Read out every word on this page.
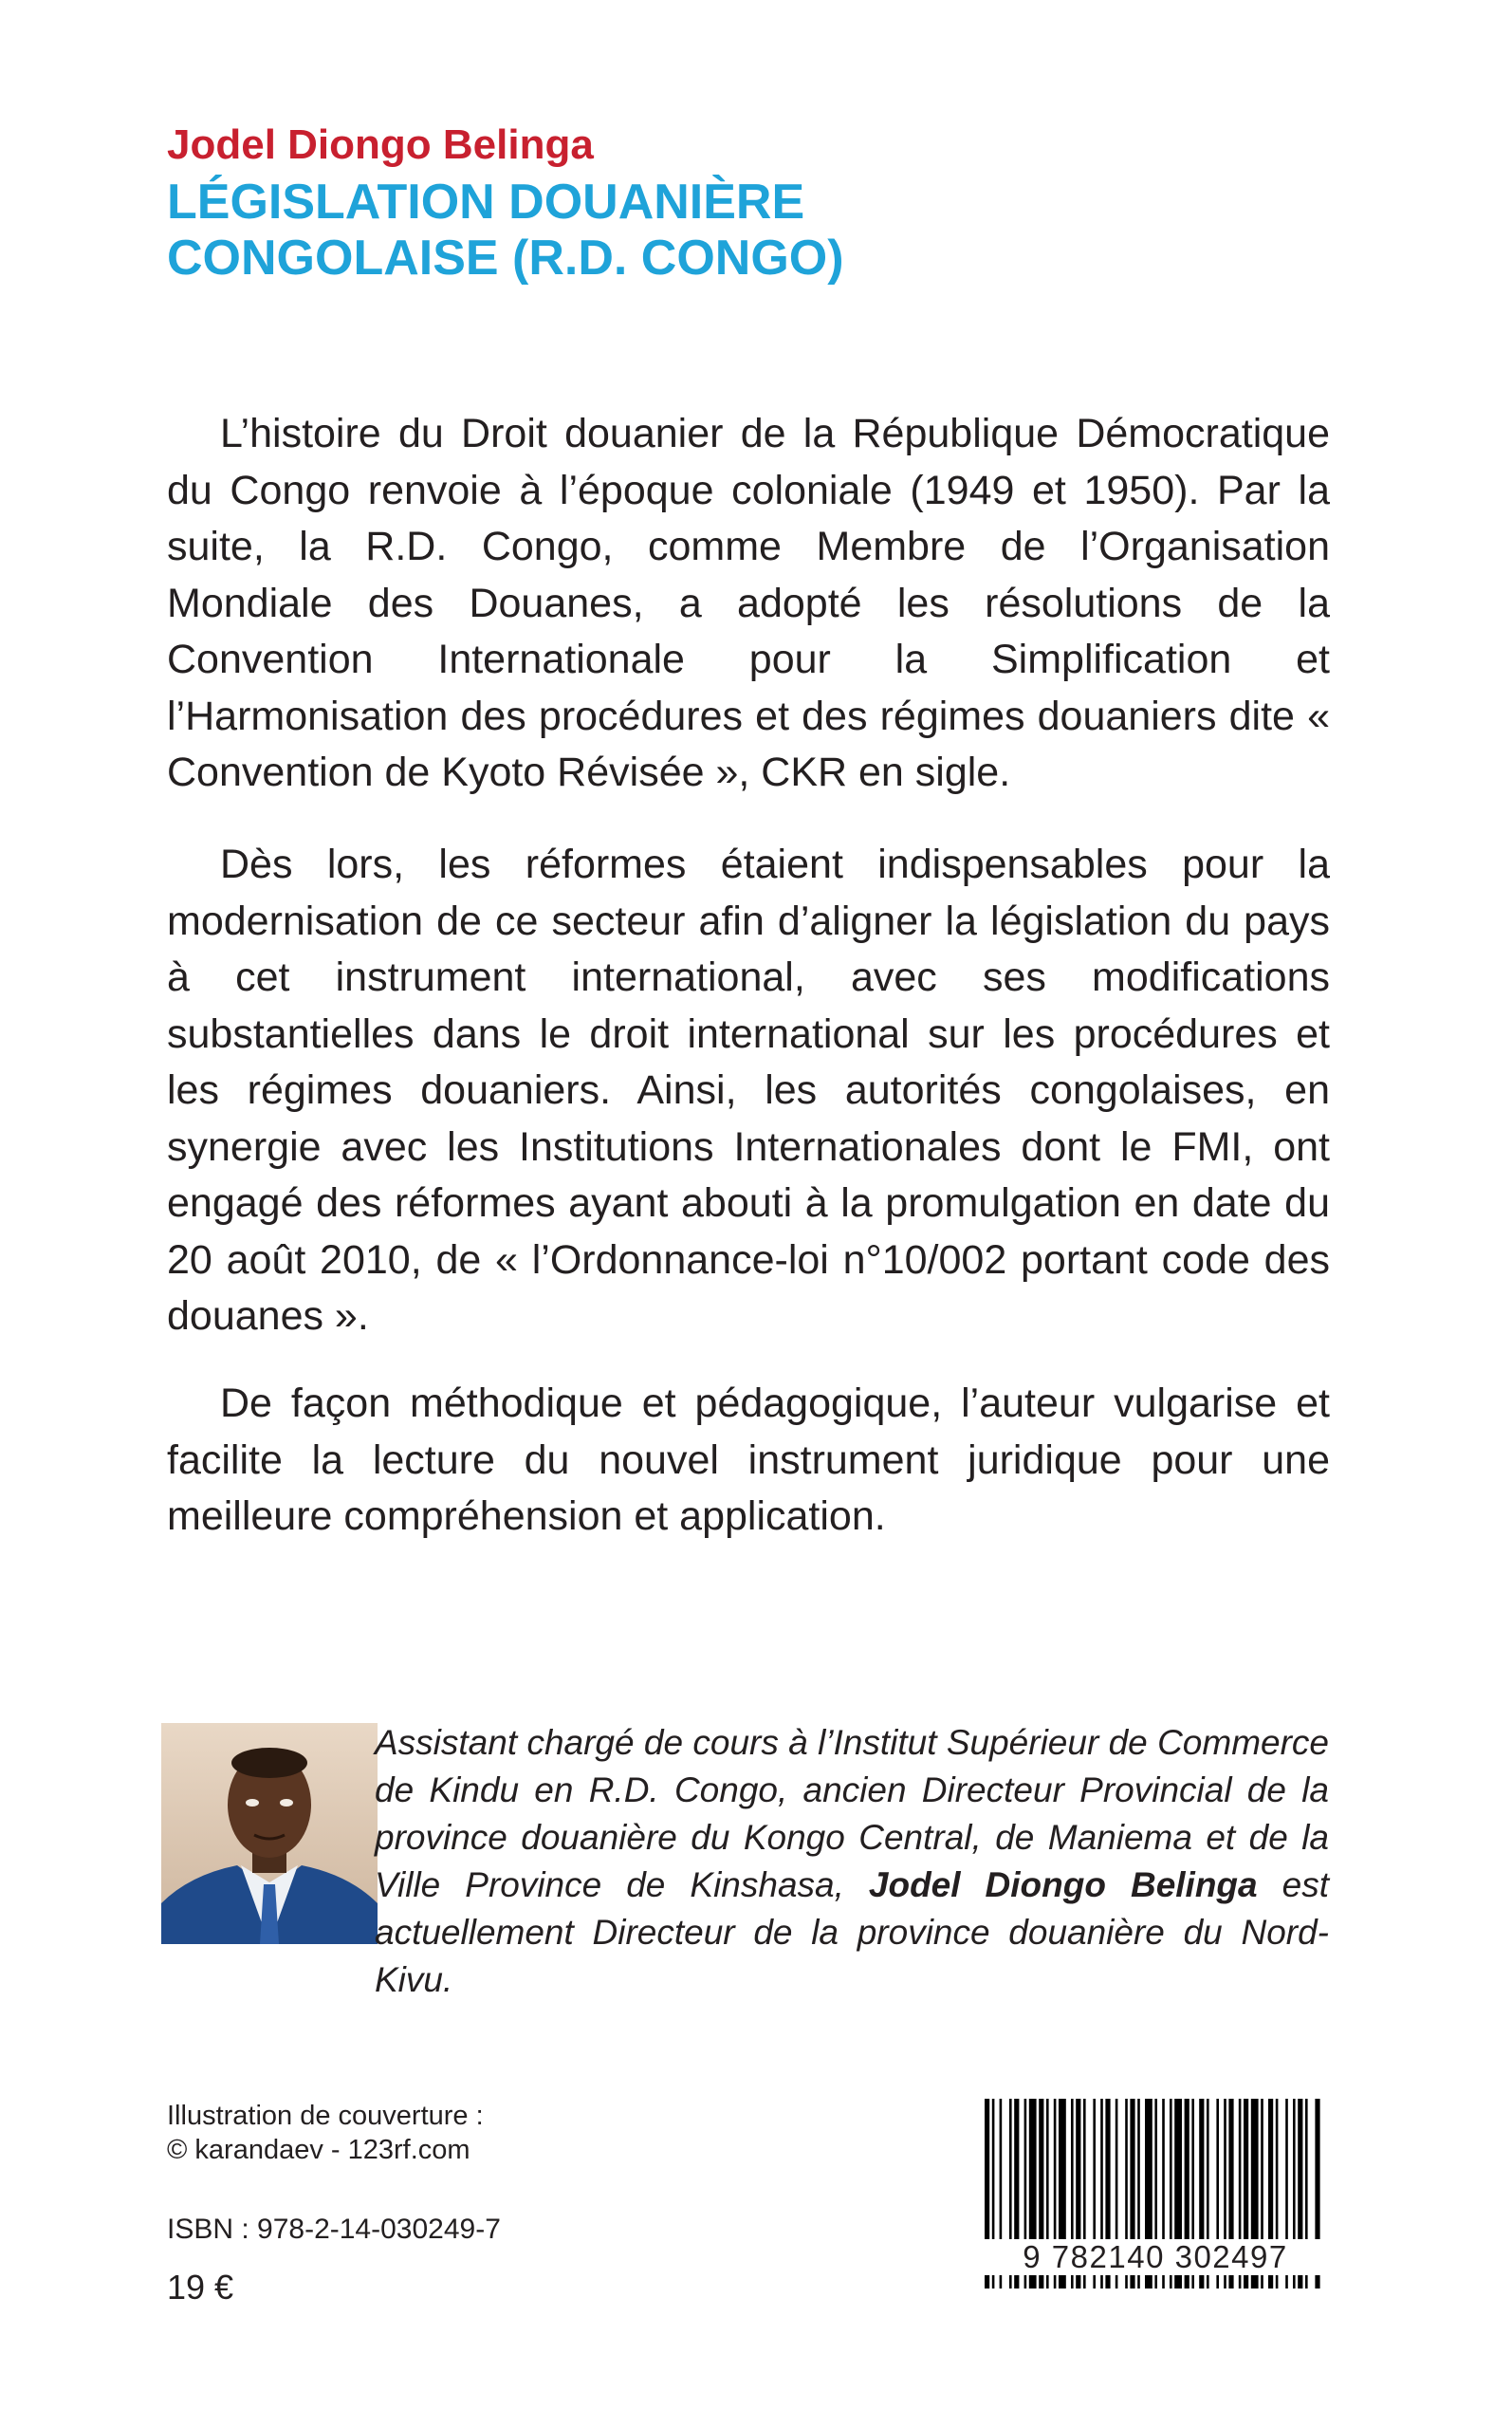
Jodel Diongo Belinga
LÉGISLATION DOUANIÈRE
CONGOLAISE (R.D. CONGO)

L’histoire du Droit douanier de la République Démocratique du Congo renvoie à l’époque coloniale (1949 et 1950). Par la suite, la R.D. Congo, comme Membre de l’Organisation Mondiale des Douanes, a adopté les résolutions de la Convention Internationale pour la Simplification et l’Harmonisation des procédures et des régimes douaniers dite « Convention de Kyoto Révisée », CKR en sigle.

Dès lors, les réformes étaient indispensables pour la modernisation de ce secteur afin d’aligner la législation du pays à cet instrument international, avec ses modifications substantielles dans le droit international sur les procédures et les régimes douaniers. Ainsi, les autorités congolaises, en synergie avec les Institutions Internationales dont le FMI, ont engagé des réformes ayant abouti à la promulgation en date du 20 août 2010, de « l’Ordonnance-loi n°10/002 portant code des douanes ».

De façon méthodique et pédagogique, l’auteur vulgarise et facilite la lecture du nouvel instrument juridique pour une meilleure compréhension et application.

Assistant chargé de cours à l’Institut Supérieur de Commerce de Kindu en R.D. Congo, ancien Directeur Provincial de la province douanière du Kongo Central, de Maniema et de la Ville Province de Kinshasa, Jodel Diongo Belinga est actuellement Directeur de la province douanière du Nord-Kivu.

Illustration de couverture :
© karandaev - 123rf.com
ISBN : 978-2-14-030249-7
19 €
9 782140 302497
